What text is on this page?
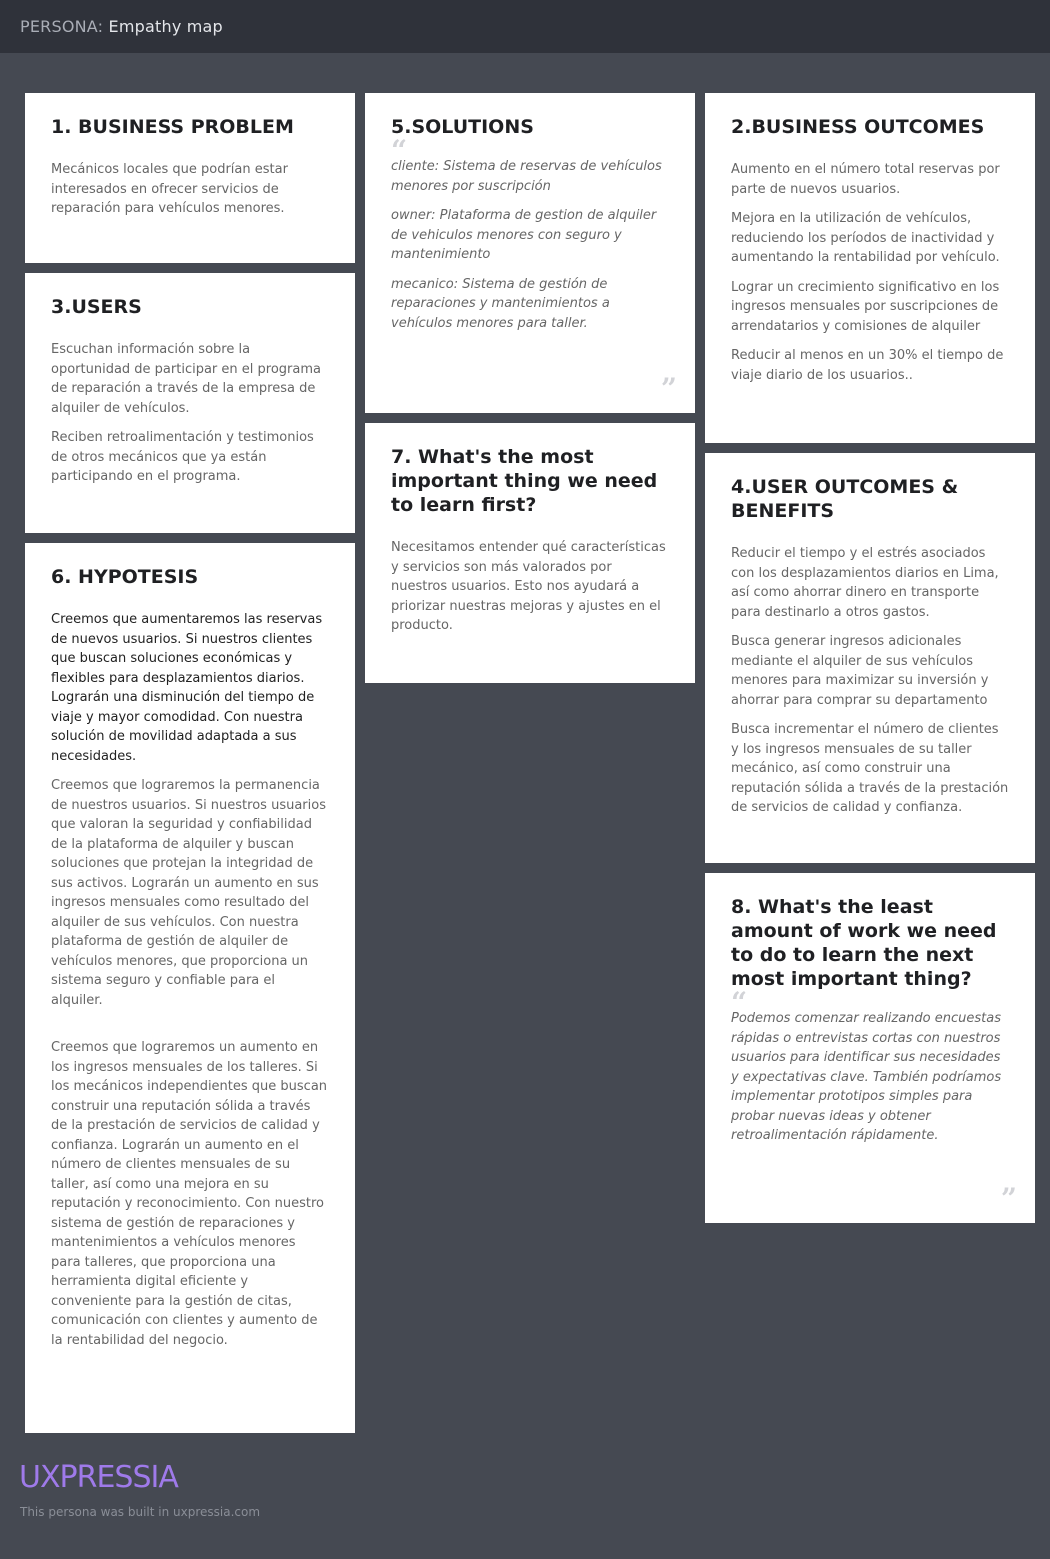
PERSONA: Empathy map
1. BUSINESS PROBLEM

Mecánicos locales que podrían estar interesados en ofrecer servicios de reparación para vehículos menores.

3.USERS

Escuchan información sobre la oportunidad de participar en el programa de reparación a través de la empresa de alquiler de vehículos.

Reciben retroalimentación y testimonios de otros mecánicos que ya están participando en el programa.

6. HYPOTESIS

Creemos que aumentaremos las reservas de nuevos usuarios. Si nuestros clientes que buscan soluciones económicas y flexibles para desplazamientos diarios. Lograrán una disminución del tiempo de viaje y mayor comodidad. Con nuestra solución de movilidad adaptada a sus necesidades.

Creemos que lograremos la permanencia de nuestros usuarios. Si nuestros usuarios que valoran la seguridad y confiabilidad de la plataforma de alquiler y buscan soluciones que protejan la integridad de sus activos. Lograrán un aumento en sus ingresos mensuales como resultado del alquiler de sus vehículos. Con nuestra plataforma de gestión de alquiler de vehículos menores, que proporciona un sistema seguro y confiable para el alquiler.

Creemos que lograremos un aumento en los ingresos mensuales de los talleres. Si los mecánicos independientes que buscan construir una reputación sólida a través de la prestación de servicios de calidad y confianza. Lograrán un aumento en el número de clientes mensuales de su taller, así como una mejora en su reputación y reconocimiento. Con nuestro sistema de gestión de reparaciones y mantenimientos a vehículos menores para talleres, que proporciona una herramienta digital eficiente y conveniente para la gestión de citas, comunicación con clientes y aumento de la rentabilidad del negocio.

5.SOLUTIONS
“

cliente: Sistema de reservas de vehículos menores por suscripción

owner: Plataforma de gestion de alquiler de vehiculos menores con seguro y mantenimiento

mecanico: Sistema de gestión de reparaciones y mantenimientos a vehículos menores para taller.

”
7. What's the most important thing we need to learn first?

Necesitamos entender qué características y servicios son más valorados por nuestros usuarios. Esto nos ayudará a priorizar nuestras mejoras y ajustes en el producto.

2.BUSINESS OUTCOMES

Aumento en el número total reservas por parte de nuevos usuarios.

Mejora en la utilización de vehículos, reduciendo los períodos de inactividad y aumentando la rentabilidad por vehículo.

Lograr un crecimiento significativo en los ingresos mensuales por suscripciones de arrendatarios y comisiones de alquiler

Reducir al menos en un 30% el tiempo de viaje diario de los usuarios..

4.USER OUTCOMES & BENEFITS

Reducir el tiempo y el estrés asociados con los desplazamientos diarios en Lima, así como ahorrar dinero en transporte para destinarlo a otros gastos.

Busca generar ingresos adicionales mediante el alquiler de sus vehículos menores para maximizar su inversión y ahorrar para comprar su departamento

Busca incrementar el número de clientes y los ingresos mensuales de su taller mecánico, así como construir una reputación sólida a través de la prestación de servicios de calidad y confianza.

8. What's the least amount of work we need to do to learn the next most important thing?
“

Podemos comenzar realizando encuestas rápidas o entrevistas cortas con nuestros usuarios para identificar sus necesidades y expectativas clave. También podríamos implementar prototipos simples para probar nuevas ideas y obtener retroalimentación rápidamente.

”
UXPRESSIA
This persona was built in uxpressia.com
